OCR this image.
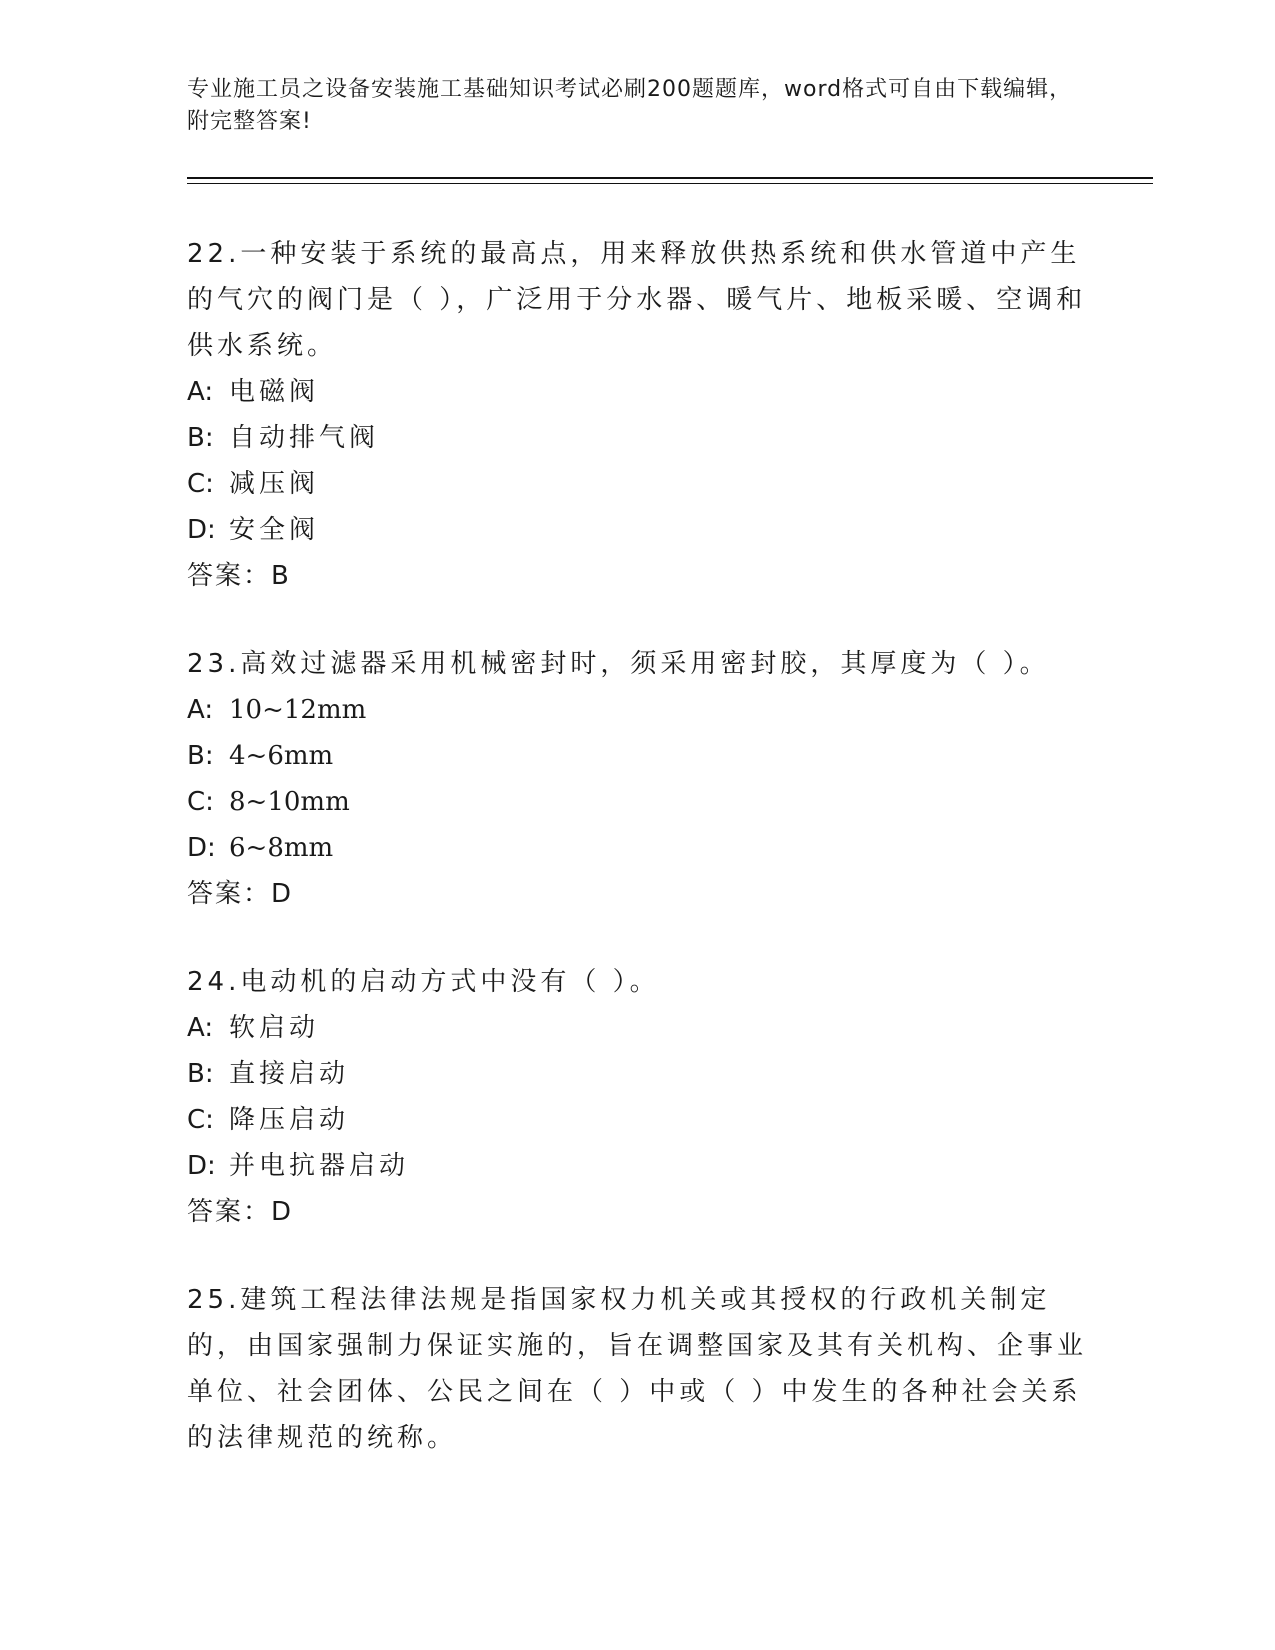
专业施工员之设备安装施工基础知识考试必刷200题题库，word格式可自由下载编辑，附完整答案!

22.一种安装于系统的最高点，用来释放供热系统和供水管道中产生的气穴的阀门是（ ），广泛用于分水器、暖气片、地板采暖、空调和供水系统。

A: 电磁阀
B: 自动排气阀
C: 减压阀
D: 安全阀
答案：B

23.高效过滤器采用机械密封时，须采用密封胶，其厚度为（ ）。

A: 10~12mm
B: 4~6mm
C: 8~10mm
D: 6~8mm
答案：D

24.电动机的启动方式中没有（ ）。

A: 软启动
B: 直接启动
C: 降压启动
D: 并电抗器启动
答案：D

25.建筑工程法律法规是指国家权力机关或其授权的行政机关制定的，由国家强制力保证实施的，旨在调整国家及其有关机构、企事业单位、社会团体、公民之间在（ ）中或（ ）中发生的各种社会关系的法律规范的统称。
